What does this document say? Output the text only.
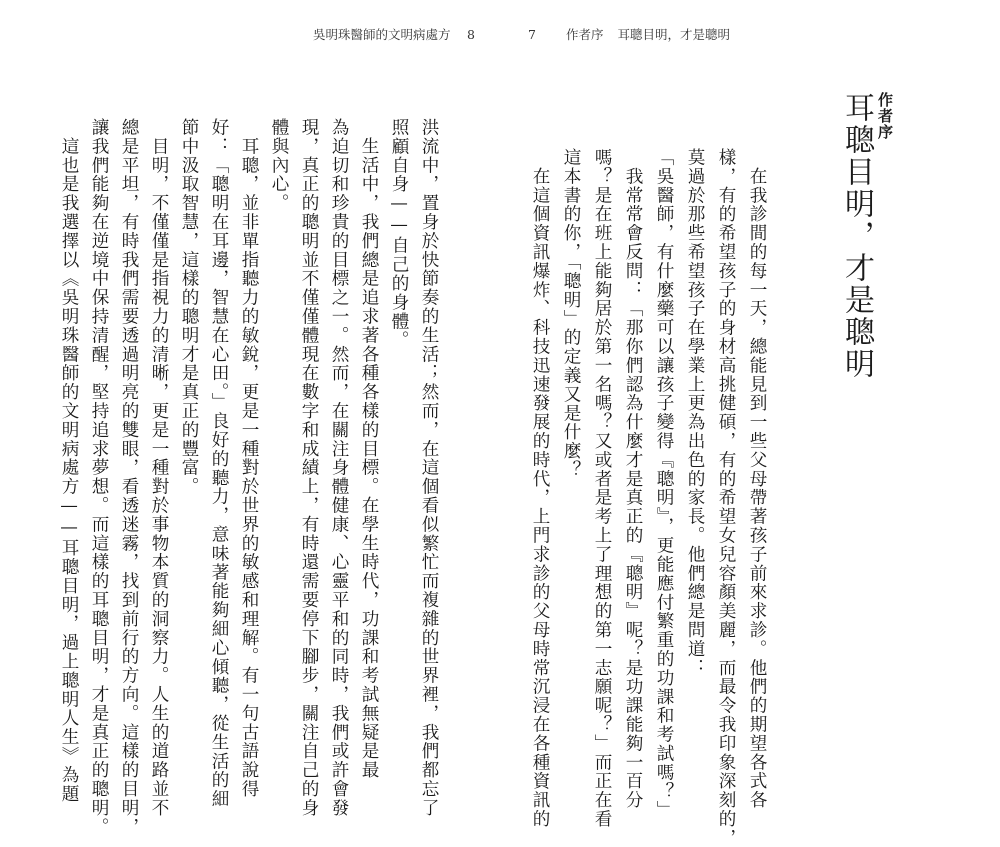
吳明珠醫師的文明病處方 8	7 作者序 耳聰目明，才是聰明
作者序
耳聰目明，才是聰明
　在我診間的每一天，總能見到一些父母帶著孩子前來求診。他們的期望各式各
樣，有的希望孩子的身材高挑健碩，有的希望女兒容顏美麗，而最令我印象深刻的，
莫過於那些希望孩子在學業上更為出色的家長。他們總是問道：
「吳醫師，有什麼藥可以讓孩子變得『聰明』，更能應付繁重的功課和考試嗎？」
　我常常會反問：「那你們認為什麼才是真正的『聰明』呢？是功課能夠一百分
嗎？是在班上能夠居於第一名嗎？又或者是考上了理想的第一志願呢？」而正在看
這本書的你，「聰明」的定義又是什麼？
　在這個資訊爆炸、科技迅速發展的時代，上門求診的父母時常沉浸在各種資訊的
洪流中，置身於快節奏的生活；然而，在這個看似繁忙而複雜的世界裡，我們都忘了
照顧自身——自己的身體。
　生活中，我們總是追求著各種各樣的目標。在學生時代，功課和考試無疑是最
為迫切和珍貴的目標之一。然而，在關注身體健康、心靈平和的同時，我們或許會發
現，真正的聰明並不僅僅體現在數字和成績上，有時還需要停下腳步，關注自己的身
體與內心。
　耳聰，並非單指聽力的敏銳，更是一種對於世界的敏感和理解。有一句古語說得
好：「聰明在耳邊，智慧在心田。」良好的聽力，意味著能夠細心傾聽，從生活的細
節中汲取智慧，這樣的聰明才是真正的豐富。
　目明，不僅僅是指視力的清晰，更是一種對於事物本質的洞察力。人生的道路並不
總是平坦，有時我們需要透過明亮的雙眼，看透迷霧，找到前行的方向。這樣的目明，
讓我們能夠在逆境中保持清醒，堅持追求夢想。而這樣的耳聰目明，才是真正的聰明。
　這也是我選擇以《吳明珠醫師的文明病處方——耳聰目明，過上聰明人生》為題
